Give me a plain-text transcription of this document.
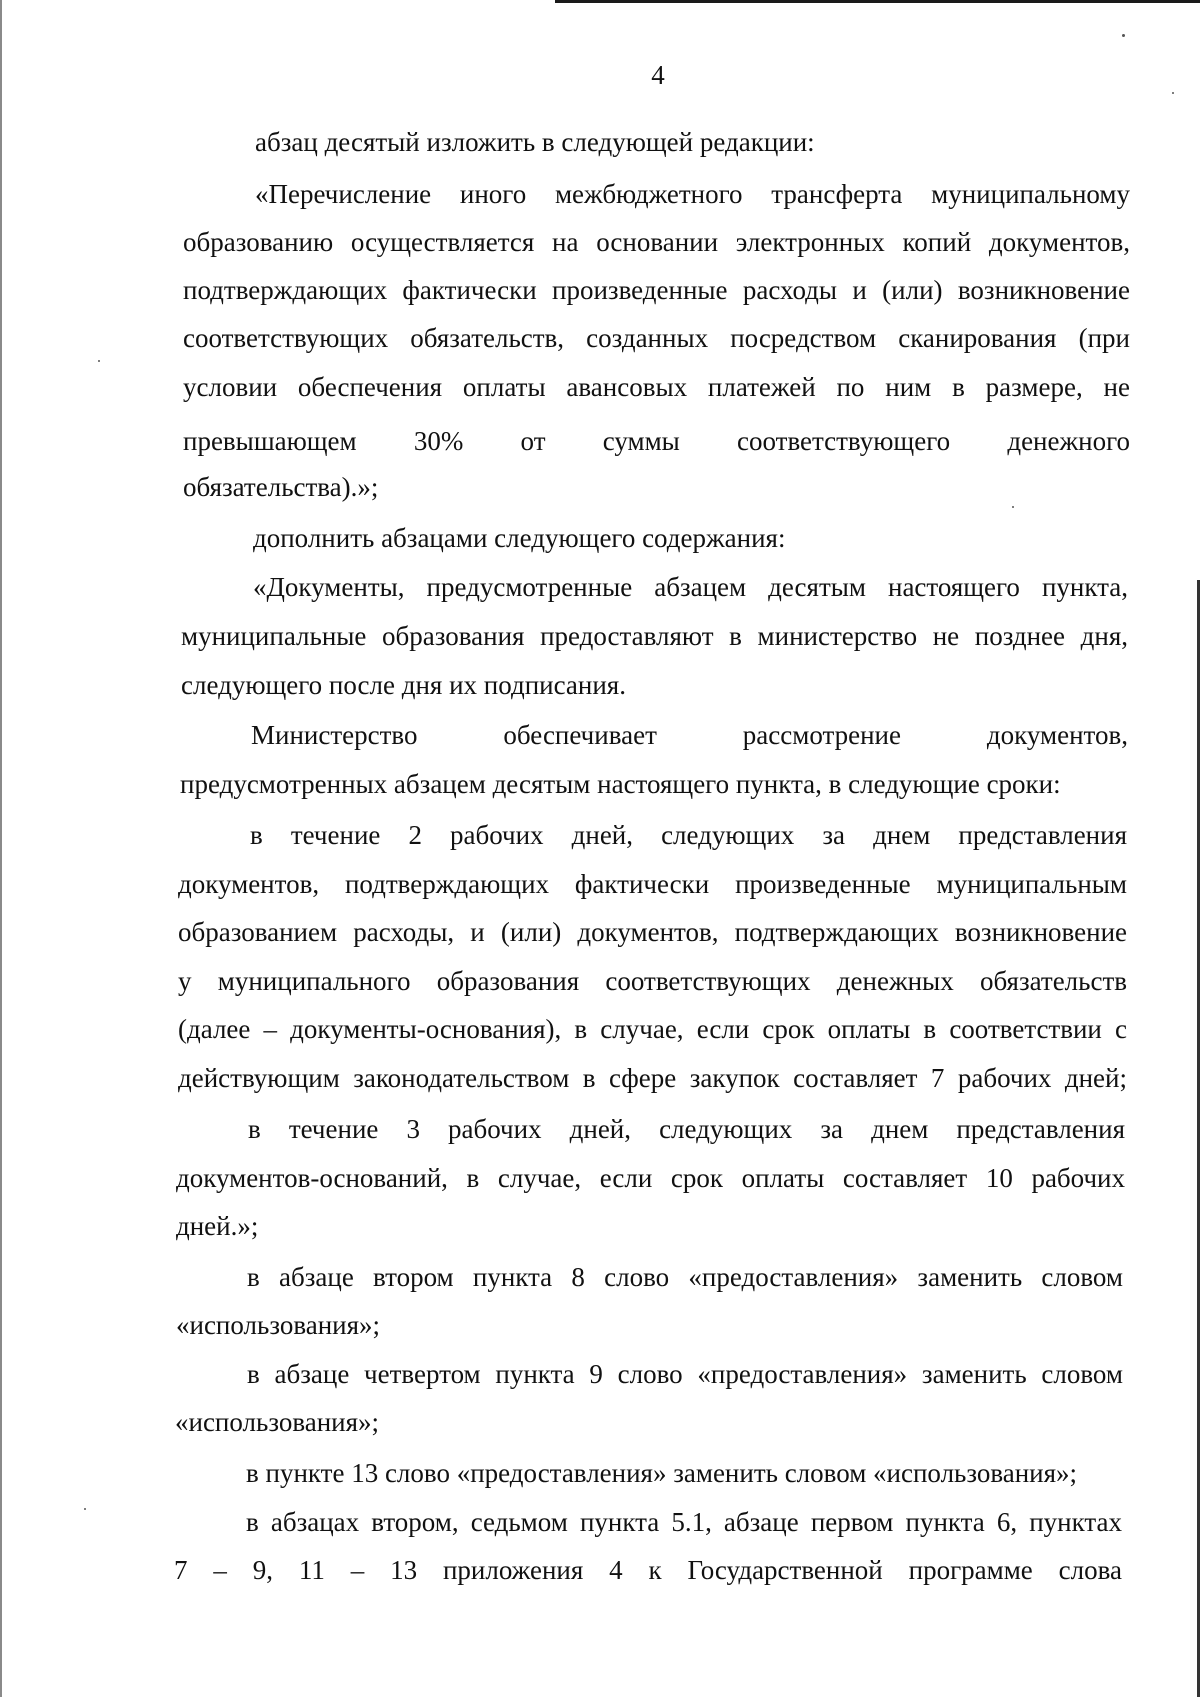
4
абзац десятый изложить в следующей редакции:
«Перечисление иного межбюджетного трансферта муниципальному
образованию осуществляется на основании электронных копий документов,
подтверждающих фактически произведенные расходы и (или) возникновение
соответствующих обязательств, созданных посредством сканирования (при
условии обеспечения оплаты авансовых платежей по ним в размере, не
превышающем 30% от суммы соответствующего денежного
обязательства).»;
дополнить абзацами следующего содержания:
«Документы, предусмотренные абзацем десятым настоящего пункта,
муниципальные образования предоставляют в министерство не позднее дня,
следующего после дня их подписания.
Министерство обеспечивает рассмотрение документов,
предусмотренных абзацем десятым настоящего пункта, в следующие сроки:
в течение 2 рабочих дней, следующих за днем представления
документов, подтверждающих фактически произведенные муниципальным
образованием расходы, и (или) документов, подтверждающих возникновение
у муниципального образования соответствующих денежных обязательств
(далее – документы-основания), в случае, если срок оплаты в соответствии с
действующим законодательством в сфере закупок составляет 7 рабочих дней;
в течение 3 рабочих дней, следующих за днем представления
документов-оснований, в случае, если срок оплаты составляет 10 рабочих
дней.»;
в абзаце втором пункта 8 слово «предоставления» заменить словом
«использования»;
в абзаце четвертом пункта 9 слово «предоставления» заменить словом
«использования»;
в пункте 13 слово «предоставления» заменить словом «использования»;
в абзацах втором, седьмом пункта 5.1, абзаце первом пункта 6, пунктах
7 – 9, 11 – 13 приложения 4 к Государственной программе слова
